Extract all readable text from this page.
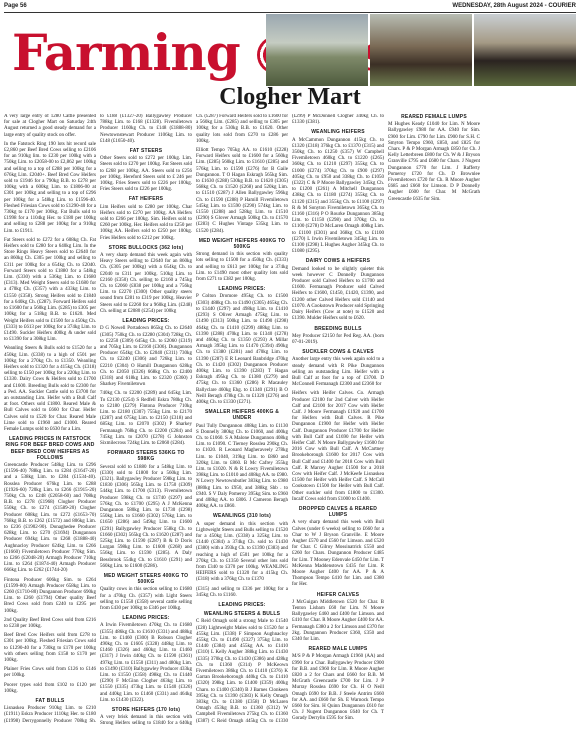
Page 56	WEDNESDAY, 28th August 2024 - COURIER
Farming
Clogher Mart

A very large entry of 1280 Cattle presented for sale at Clogher Mart on Saturday 24th August returned a good steady demand for a large entry of quality stock on offer.

In the Fatstock Ring 190 lots hit record sale £2,860 per Beef Bred Cows selling to £2106 for an 910kg lim. to £230 per 100kg with a 750kg Lim. to £2058-00 to £2,862 per 100kg and selling to a top of £288 per 100kg for a 676kg Lim. £2040+. Beef Bred Cow Heifers sold to £1946 for a 790kg B.B. to £278 per 100kg with a 600kg Lim. to £1806-00 at £301 per 100kg and selling to a top of £296 per 100kg for a 548kg Lim. to £1596-40. Fleshed Friesian Cows sold to £1290-40 for a 730kg to £170 per 100kg. Fat Bulls sold to £1998 for a 1104kg Her. to £180 per 100kg and selling to £288 per 100kg for a 910kg Lim. to £1911.

Fat Steers sold to £272 for a 608kg Ch. Fat Heifers sold to £280 for a 640kg Lim. In the Store Rings Heavy Steers sold to £2640 for an 860kg Ch. £305 per 100kg and selling to £311 per 100kg for a 654kg Ch. to £2040. Forward Steers sold to £1880 for a 548kg Lim. (£330) with a 536kg Lim. to £1680 (£313). Med Weight Steers sold to £1680 for a 470kg Ch. (£357) with a 433kg Lim. to £1550 (£358). Strong Heifers sold to £1840 for a 640kg Ch. (£287). Forward Heifers sold to £1600 for a 560kg Lim. (£285) to £305 per 100kg for a 518kg B.B. to £1620. Med Weight Heifers sold to £1500 for a 450kg Ch. (£333) to £613 per 100kg for a 374kg Lim. to £1490. Suckler Heifers 400kg & under sold to £1390 for a 308kg Lim.

Weanling Steers & Bulls sold to £1520 for a 450kg Lim. (£338) to a high of £501 per 100kg for a 270kg Ch. to £1350. Weanling Heifers sold to £1320 for a 415kg Ch. (£318) selling to £150 per 100kg for a 220kg Lim. to £1330. Dairy Cows & Heifers sold to £1700 and £1600. Breeding Bulls sold to £2300 for a Ped. AA. Suckler Cattle sold to £3700 for an outstanding Lim. Heifer with a Bull Calf at foot. Others sold £1800. Reared Male & Bull Calves sold to £660 for Char. Heifer Calves sold to £520 for Char. Reared Male Lime sold to £1960 and £1000. Reared Female Lumps sold to £630 for a Lim.

LEADING PRICES IN FATSTOCK RING FOR BEEF BRED COWS AND BEEF BRED COW HEIFERS AS FOLLOWS

Greencastle Producer 548kg Lim. to £296 (£1596-40) 788kg Lim. to £284 (£1647-20) and a 538kg Lim. to £284 (£1534-40). Rosslea Producer 676kg Lim. to £288 (£1926-60) 720kg Lim. to £266 (£1915-20) 750kg Ch. to £248 (£2058-60) and 708kg B.B. to £278 (£1968) Clogher Producer 550kg Ch. to £274 (£1589-20) Clogher Producer 608kg Lim. to £272 (£1653-70) 768kg B.B. to £262 (£1572) and 806kg Lim. to £236 (£1902-90). Donaghedee Producer 628kg Lim. to £270 (£1694) Dungannon Producer 694kg Lim. to £268 (£1888-40) Aughnacloy Producer 624kg Lim. to £266 (£1660) Fivemiletown Producer 770kg Sim. to £266 (£2048-20) Armagh Producer 710kg Lim. to £264 (£1874-40) Armagh Producer 666kg Lim. to £262 (£1744-20)

Fintona Producer 606kg Sim. to £264 (£1599-80) Armagh Producer 658kg Lim. to £260 (£1710-80) Dungannon Producer 690kg Lim. to £260 (£1794) Other quality Beef Bred Cows sold from £240 to £295 per 100kg.

2nd Quality Beef Bred Cows sold from £216 to £238 per 100kg.

Beef Bred Cow Heifers sold from £278 to £301 per 100kg. Fleshed Friesian Cows sold to £1290-40 for a 730kg to £170 per 100kg with others selling from £158 to £170 per 100kg.

Plainer Fries Cows sold from £126 to £146 per 100kg.

Poorer types sold from £102 to £120 per 100kg.

FAT BULLS

Lisnaskea Producer 910kg Lim. to £210 (£1911) Eskra Producer 1110kg Her. to £180 (£1998) Derrygonnelly Producer 708kg Sh. to £188 (£1327-20) Ballygawley Producer 788kg Lim. to £168 (£1328). Fivemiletown Producer 1160kg Ch. to £148 (£1888-80) Newtownstewart Producer 1106kg Lim. to £148 (£1650-40).

FAT STEERS

Other Steers sold to £272 per 100kg. Lim. Steers sold to £270 per 100kg. Fat Steers sold to £268 per 100kg. AA. Steers sold to £256 per 100kg. Hereford Steers sold to £ 246 per 100kg. Fries Steers sold to £226 per 100kg. Fries Steers sold to £226 per 100kg.

FAT HEIFERS

Lim Heifers sold to £280 per 100kg. Char Heifers sold to £270 per 100kg. AA Heifers sold to £266 per 100kg. Sim. Heifers sold to £260 per 100kg. Her. Heifers sold to £250 per 100kg AA. Heifers sold to £250 per 100kg. Fries Heifers sold to £212 per 100kg.

STORE BULLOCKS (362 lots)

A very sharp demand this week again with Heavy Steers selling to £2640 for an 860kg Ch. (£305 per 100kg) with a 654kg Ch. to £2040 to £311 per 100kg. 510kg Lim. to £2160 (£350) Ch. selling to £2160 a 745kg Ch. to £2060 (£838 per 100kg and a 756kg Lim. to £2270 (£300) Other quality steers sound from £281 to £319 per 100kg. Heavier Steers sold to £2260 for a 960kg Lim. (£248) Ch. selling at £2080 (£254) per 100kg

LEADING PRICES:

D G Nowell Portadown 865kg Ch. to £2640 (£305) 750kg Ch. to £2280 (£304) 728kg Ch. to £2250 (£309) 645kg Ch. to £2060 (£319) and 705kg Lim. to £2160 (£306). Dungannon Producer 654kg Ch. to £2040 (£311) 730kg Ch. to £2240 (£306) and 726kg Lim. to £2210 (£304) O Hamill Dungannon 628kg Ch. to £2050 (£326) 668kg Ch. to £2400 (£318) and 618kg Lim. to £2320 (£360) J Sharkey Fivemiletown

740kg Ch. to £2200 (£289) and 645kg Lim. To £2130 (£254) S Redfell Eskra 780kg Ch. to £2180 (£279) Fintona Producer 710kg Lim. to £2180 (£307) 755kg Lim. to £2170 (£287) and 675kg Lim. to £2150 (£318) and 685kg Lim. to £2070 (£302) P Sharkey Fermanagh 768kg Ch. to £2200 (£284) and 745kg Lim. to £2070 (£278) G Johnston Sixmilecross 724kg Lim. to £2060 (£284).

FORWARD STEERS 536KG TO 598KG

Several sold to £1880 for a 548kg Lim. to (£330) sold to £1800 for a 560kg Lim. (£321). Ballygawley Producer 598kg Lim. to £1830 (£306) 565kg Lim. to £1750 (£309) 544kg Lim. to £1700 (£313). Fivemiletown Producer 598kg Ch. to £1740 (£297) and 576kg Ch. to £1700 (£295) A J McKenna Dungannon 580kg Lim. to £1730 (£298) 550kg Lim. to £1660 (£302) 576kg Lim. to £1650 (£286) and 549kg Lim. to £1600 (£291) Ballygawley Producer 558kg Ch. to £1660 (£302) 565kg Ch. to £1620 (£287) and 525kg Lim. to £1590 (£287) B & D Doris Lurgan 598kg Lim. to £1600 (£268) and 556kg Lim. to £1590 (£285). A Daly Bessbrook 554kg Ch. to £1610 (£291) and 560kg Lim. to £1600 (£286).

MED WEIGHT STEERS 400KG TO 500KG

Quality cows in this section selling to £1680 for a 470kg Ch. (£357) with Light Steers selling to £1550 (£358) several cattle selling from £430 per 100kg to £346 per 100kg.

LEADING PRICES:

A Irwin Fivemiletown 470kg Ch. to £1680 (£355) 486kg Ch. to £1610 (£331) and 488kg Lim. to £1460 (£300) B Robson Clogher 490kg Ch. to £1605 (£328) 448kg Lim. to £1460 (£326) and 460kg Lim. to £1460 (£317) J Irwin 440kg Ch. to £1590 (£361) 497kg Lim. to £1550 (£311) and 480kg Lim. to £1490 (£310) Ballygawley Producer 433kg Lim. to £1550 (£358) 498kg Ch. to £1440 (£290) F McGinn Clogher 463kg Lim. to £1550 (£335) 473kg Lim. to £1540 (£326) and 440kg Lim. to £1460 (£331) and 464kg Lim. to £1430 (£322).

STORE HEIFERS (170 lots)

A very brisk demand in this section with Strong Heifers selling to £1840 for a 640kg Ch. (£287) Forward Heifers sold to £1600 for a 560kg Lim. (£285) and selling to £305 per 100kg for a 530kg B.B. to £1620. Other quality lots sold from £270 to £286 per 100kg.

Elliott Tempo 705kg AA. to £1610 (£228) Forward Heifers sold to £1600 for a 560kg Lim. (£285) 560kg Lim. to £1610 (£285) and 576kg Lim. to £1590 (£276) for B Gaile Dungannon. T O Hagan Eskragh 565kg Sim. to £1630 (£288) 530kg B.B. to £1620 (£305) 568kg Ch. to £1520 (£268) and 520kg Lim. to £1510 (£287) J Allen Ballygawley 596kg Ch. to £1590 (£288) P Hamill Fivemiletown 545kg Lim. to £1590 (£290) 574kg Lim. to £1550 (£288) and 528kg Lim. to £1510 (£290) S Glover Armagh 500kg Ch. to £1570 (£283) C Hughes Vintage 535kg Lim. to £1520 (£284).

MED WEIGHT HEIFERS 400KG TO 500KG

Strong demand in this section with quality lots selling to £1500 for a 450kg Ch. (£333) and selling to £613 per 100kg for a 374kg Lim. to £1490 most other quality lots sold from £271 to £382 per 100kg.

LEADING PRICES:

P Colton Dromore 495kg Ch. to £1500 (£303) 488kg Ch. to £1490 (£305) 465kg Ch. to £1440 (£297) and 498kg Lim. to £1410 (£293) S Oliver Armagh 475kg Lim. to £1490 (£313) 500kg Lim. to £1490 (£298) 464kg Ch. to £1410 (£299) 488kg Lim. to £1390 (£288) 470kg Lim. to £1340 (£278) and 460kg Ch. to £1350 (£293) A Millar Armagh 395kg Lim. to £1470 (£394) 490kg Ch. to £1380 (£281) and 470kg Lim. to £1390 (£287) E R Leonard Banbridge 470kg Ch. to £1420 (£302) Dungannon Producer 400kg Lim. to £1390 (£283) T Hagan Eskragh 495kg Ch. to £1380 (£279) and 475kg Ch. to £1360 (£286) R Macauley Ballyclare 460kg Ehg. to £1340 (£291) B O Neill Beragh 478kg Ch. to £1320 (£276) and 400kg Ch. to £1330 (£271).

SMALLER HEIFERS 400KG & UNDER

Paul Tully Dungannon 408kg Lim. to £1130 S Donnelly 380kg Ch. to £1060, and 400kg Ch. to £1060. S A Malone Dungannon 408kg Lim. to £1090. C Tierney Rosslea 290kg Ch. to £1020. R Leonard Magheraveely 278kg Lim. to £1040, 319kg Lim. to £860 and 320kg Lim. to £860. B Mc Cafrey 355kg Lim. to £1020. N & R Lowry Fivemiletown 398kg Lim. to £1010 and 408kg AA. to £980. N Lowry Newtownbutler 383kg Lim. to £980 (880kg Lim. to £950, and 388kg Shb . to £940. S V Daly Pomeroy 395kg Sim. to £960 and 408kg AA. to £806. J Cameron Beragh 400kg AA. to £860.

WEANLINGS (310 lots)

A super demand in this section with Lightweight Steers and Bulls selling to £1520 for a 450kg Lim. (£338) a 325kg Lim. to £1440 (£384) a 374kg Ch. sold to £1430 (£380) with a 393kg Ch. to £1390 (£383) and reaching a high of £501 per 100kg for a 270kg Ch. to £1350 Several other lots sold from £340 to £370 per 100kg. WEANLING HEIFERS sold to £1320 for a 415kg Ch. (£318) with a 376kg Ch. to £1370

(£315) and selling to £336 per 100kg for a 345kg Ch. to £1160.

LEADING PRICES:
WEANLING STEERS & BULLS

C Reid Omagh sold a strong Male to £1540 (£28) Lightweight Males sold to £1520 for a 455kg Lim. (£338) F Simpson Aughnacloy 455kg Ch. to £1490 (£327) 375kg Lim. to £1440 (£384) and 455kg AA. to £1410 (£310) L Kelly Augher 388kg Lim. to £1430 (£335) 370kg Ch. to £1430 (£386) and 428kg Ch. to £1360 (£314) P McKeown Fivemiletown 386kg Ch. to £1410 (£376) K Garran Brookeborough 440kg Ch. to £1410 (£320) 398kg Lim. to £1400 (£359) 400kg Charo. to £1400 (£340) B J Barnes Clonkeen 395kg Ch. to £1390 (£383) K Kelly Omagh 383kg Ch. to £1380 (£358) D McLaren Omagh 453kg B.B. to £1360 (£312) W Campbell Fivemiletown 275kg Ch. to £1360 (£387) C Reid Omagh 445kg Ch. to £1330 (£299) P McDonnell Clogher 340kg Ch. to £1330 (£381).

WEANLING HEIFERS

A McCammon Dungannon 415kg Ch. to £1320 (£318) 376kg Ch. to £1370 (£315) and 350kg Ch. to £1250 (£357) W Campbell Fivemiletown 460kg Ch. to £1220 (£265) 360kg Ch. to £1210 (£297) 355kg Ch. to £1000 (£274) 370kg Ch. to £900 (£297) 405kg Ch. to £950 and 338kg Ch. to £1050 (£322) C & P Moore Ballygawley 345kg Ch. to £1200 (£261) A Mitchell Dungannon 438kg Ch. to £1180 (£274) 355kg Ch. to £1120 (£315) and 355kg Ch. to £1100 (£297) R & M Sonyton Fivemiletown 365kg Ch. to £1160 (£316) P O Rourke Dungannon 385kg Lim. to £1150 (£298) and 370kg Ch. to £1100 (£278) D McLaren Omagh 408kg Lim. to £1100 (£301) and 368kg Ch. to £1100 (£270) L Irwin Fivemiletown 345kg Lim. to £1100 (£298) L Hughes Augher 345kg Ch. to £1080 (£295).

DAIRY COWS & HEIFERS

Demand looked to be slightly quieter this week however C Donnelly Dungannon Producer sold Calved Heifers to £1700 and £1600. Fermanagh Producer sold Calved Heifers to £1600, £1450, £1420, £1390, and £1200 other Calved Heifers sold £1140 and £1070. A Cookstown Producer sold Springing Dairy Heifers (Cow at note) to £1520 and £1390. Mulder Heifers sold to £620.

BREEDING BULLS

Mey Producer £2150 for Ped Reg. AA. (born 07-01-2019).

SUCKLER COWS & CALVES

Another large entry this week again sold to a steady demand with R Pike Dungannon selling an outstanding Lim. Heifer with a Bull Calf at foot for a top of £3700. D McConnell Fermanagh £2300 and £2360 for

Heifers with Heifer Calves. Co. Armagh Producer £2100 for 2nd Calver with Heifer Calf and £2100 for 2017 Cow with Heifer Calf. J Moore Fermanagh £1920 and £1700 for Heifers with Bull Calves. R Pike Dungannon £1900 for Heifer with Heifer Calf. Dungannon Producer £1700 for Heifer with Bull Calf and £1690 for Heifer with Heifer Calf. N Moore Ballygawley £1600 for 2016 Cow with Bull Calf. A McCartney Brookeborough £1600 for 2017 Cow with Bull Calf and £1400 for 2018 Cow with Bull Calf. R Marcey Augher £1500 for a 2018 Cow with Heifer Calf. J McKeefe Lisnaskea £1500 for Heifer with Heifer Calf. S McCall Cookstown £1500 for Heifer with Bull Calf. Other suckler sold from £1800 to £1300. Incalf Cows sold from £1000 to £1400.

DROPPED CALVES & REARED LUMPS

A very sharp demand this week with Bull Calves (under 6 weeks) selling to £660 for a Char to W J Bryson Granville. E Moore Augher £570 and £560 for Limson. and £520 for Char. C Gilroy Mossinatrick £550 and £260 for Chars. Dungannon Producer £485 for Lim. T Mooney Edenvale £450 for Lim. T McKenna Maddenstown £435 for Lim. R Moore Augher £400 for AA. P & A Thompson Tempo £410 for Lim. and £380 for Her.

HEIFER CALVES

J McGuigan Middletown £520 for Char. B Tenton Lisbarn £60 for Lim. N Moore Ballygawley £460 and £400 for Limson. and £410 for Char. R Moore Augher £400 for AA. Fermanagh £380 a 2 for Limson and £370 for 2kg. Dungannon Producer £360, £350 and £340 for Lim.

REARED MALE LUMPS

M/S P & P Morgan Armagh £1960 (AA) and £990 for a Char. Ballygawley Producer £900 for B.B. and £960 for Lim. R Moore Augher £820 a 2 for Chars and £660 for B.B. M McGrath Greencastle £700 for Lim. J P Murray Rosslea £690 for Ch. H O Neill Omagh £690 for B.B. J Steele Antrim £660 for AA. and £660 for Sh. E Warnock Tempo £660 for Sim. H Quinn Dungannon £610 for Ch. J Nugent Dungannon £640 for Ch. T Gorady Derrylin £595 for Sim.

REARED FEMALE LUMPS

M Hughes Keady £1040 for Lim. N Moore Ballygawley £980 for AA. £940 for Sim. £900 for Lim. £790 for Lim. £900 for S.H. C Smyton Tempo £960, £850, and £825 for Chars. P & P Morgan Armagh £850 for Ch. J Kelly Letterbreen £800 for Ch. W & J Bryson Granville £795 and £680 for Chars. J Nugent Dungannon £770 for Lim. J Rafferty Pomeroy £720 for Ch. D Brownlee Fivemiletown £720 for Ch. R Moore Augher £685 and £660 for Limson. D P Donnelly Augher £600 for Char. M McGrath Greencastle £635 for Sim.
